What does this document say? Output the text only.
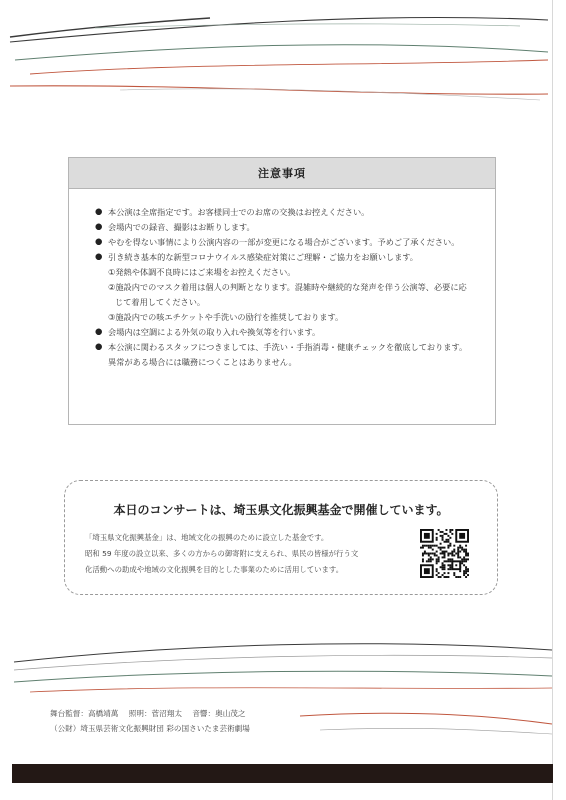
注意事項
● 本公演は全席指定です。お客様同士でのお席の交換はお控えください。
● 会場内での録音、撮影はお断りします。
● やむを得ない事情により公演内容の一部が変更になる場合がございます。予めご了承ください。
● 引き続き基本的な新型コロナウイルス感染症対策にご理解・ご協力をお願いします。
①発熱や体調不良時にはご来場をお控えください。
②施設内でのマスク着用は個人の判断となります。混雑時や継続的な発声を伴う公演等、必要に応じて着用してください。
③施設内での咳エチケットや手洗いの励行を推奨しております。
● 会場内は空調による外気の取り入れや換気等を行います。
● 本公演に関わるスタッフにつきましては、手洗い・手指消毒・健康チェックを徹底しております。異常がある場合には職務につくことはありません。
本日のコンサートは、埼玉県文化振興基金で開催しています。

「埼玉県文化振興基金」は、地域文化の振興のために設立した基金です。

昭和 59 年度の設立以来、多くの方からの御寄附に支えられ、県民の皆様が行う文

化活動への助成や地域の文化振興を目的とした事業のために活用しています。

舞台監督：高橋靖萬 照明：菅沼翔太 音響：奥山茂之

（公財）埼玉県芸術文化振興財団 彩の国さいたま芸術劇場
